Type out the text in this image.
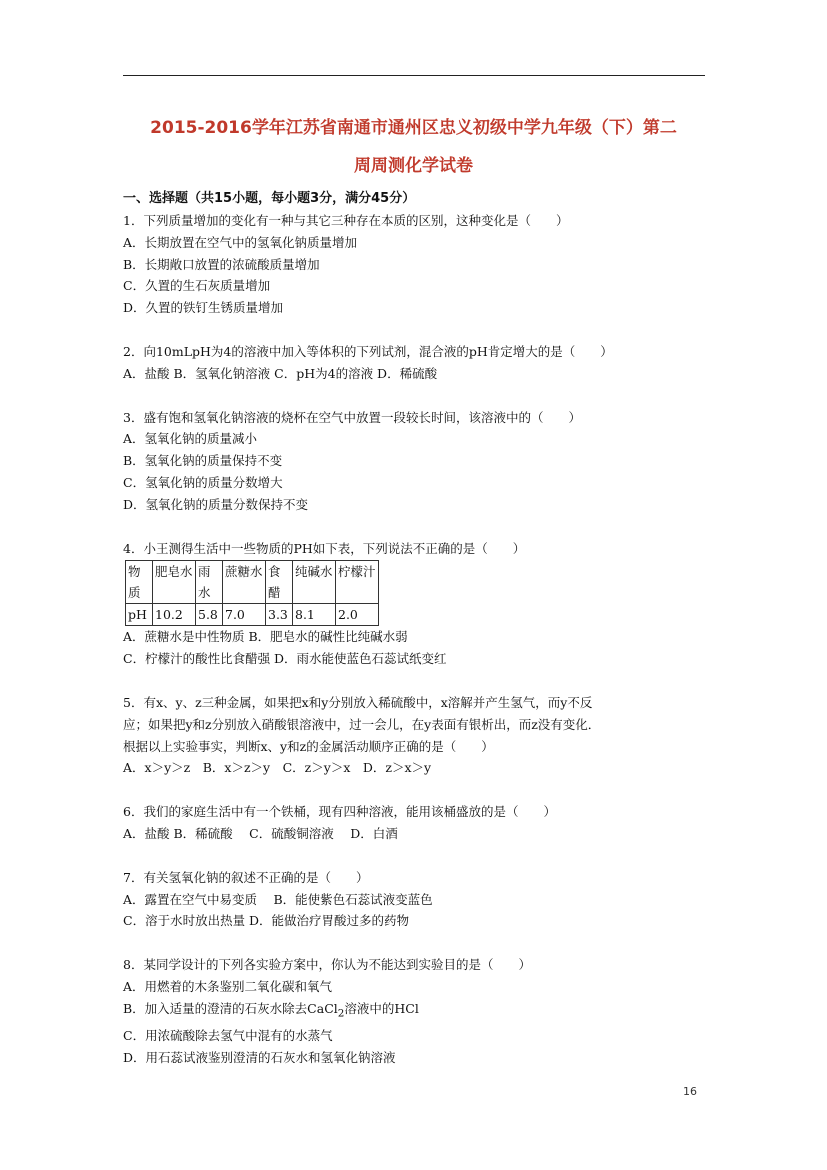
2015-2016学年江苏省南通市通州区忠义初级中学九年级（下）第二
周周测化学试卷
一、选择题（共15小题，每小题3分，满分45分）
1．下列质量增加的变化有一种与其它三种存在本质的区别，这种变化是（　　）
A．长期放置在空气中的氢氧化钠质量增加
B．长期敞口放置的浓硫酸质量增加
C．久置的生石灰质量增加
D．久置的铁钉生锈质量增加
2．向10mLpH为4的溶液中加入等体积的下列试剂，混合液的pH肯定增大的是（　　）
A．盐酸 B．氢氧化钠溶液 C．pH为4的溶液 D．稀硫酸
3．盛有饱和氢氧化钠溶液的烧杯在空气中放置一段较长时间，该溶液中的（　　）
A．氢氧化钠的质量减小
B．氢氧化钠的质量保持不变
C．氢氧化钠的质量分数增大
D．氢氧化钠的质量分数保持不变
4．小王测得生活中一些物质的PH如下表，下列说法不正确的是（　　）
物质	肥皂水	雨水	蔗糖水	食醋	纯碱水	柠檬汁
pH	10.2	5.8	7.0	3.3	8.1	2.0
A．蔗糖水是中性物质 B．肥皂水的碱性比纯碱水弱
C．柠檬汁的酸性比食醋强 D．雨水能使蓝色石蕊试纸变红
5．有x、y、z三种金属，如果把x和y分别放入稀硫酸中，x溶解并产生氢气，而y不反
应；如果把y和z分别放入硝酸银溶液中，过一会儿，在y表面有银析出，而z没有变化．
根据以上实验事实，判断x、y和z的金属活动顺序正确的是（　　）
A．x＞y＞z　B．x＞z＞y　C．z＞y＞x　D．z＞x＞y
6．我们的家庭生活中有一个铁桶，现有四种溶液，能用该桶盛放的是（　　）
A．盐酸 B．稀硫酸　 C．硫酸铜溶液　 D．白酒
7．有关氢氧化钠的叙述不正确的是（　　）
A．露置在空气中易变质　 B．能使紫色石蕊试液变蓝色
C．溶于水时放出热量 D．能做治疗胃酸过多的药物
8．某同学设计的下列各实验方案中，你认为不能达到实验目的是（　　）
A．用燃着的木条鉴别二氧化碳和氧气
B．加入适量的澄清的石灰水除去CaCl$_2$溶液中的HCl
C．用浓硫酸除去氢气中混有的水蒸气
D．用石蕊试液鉴别澄清的石灰水和氢氧化钠溶液
16
